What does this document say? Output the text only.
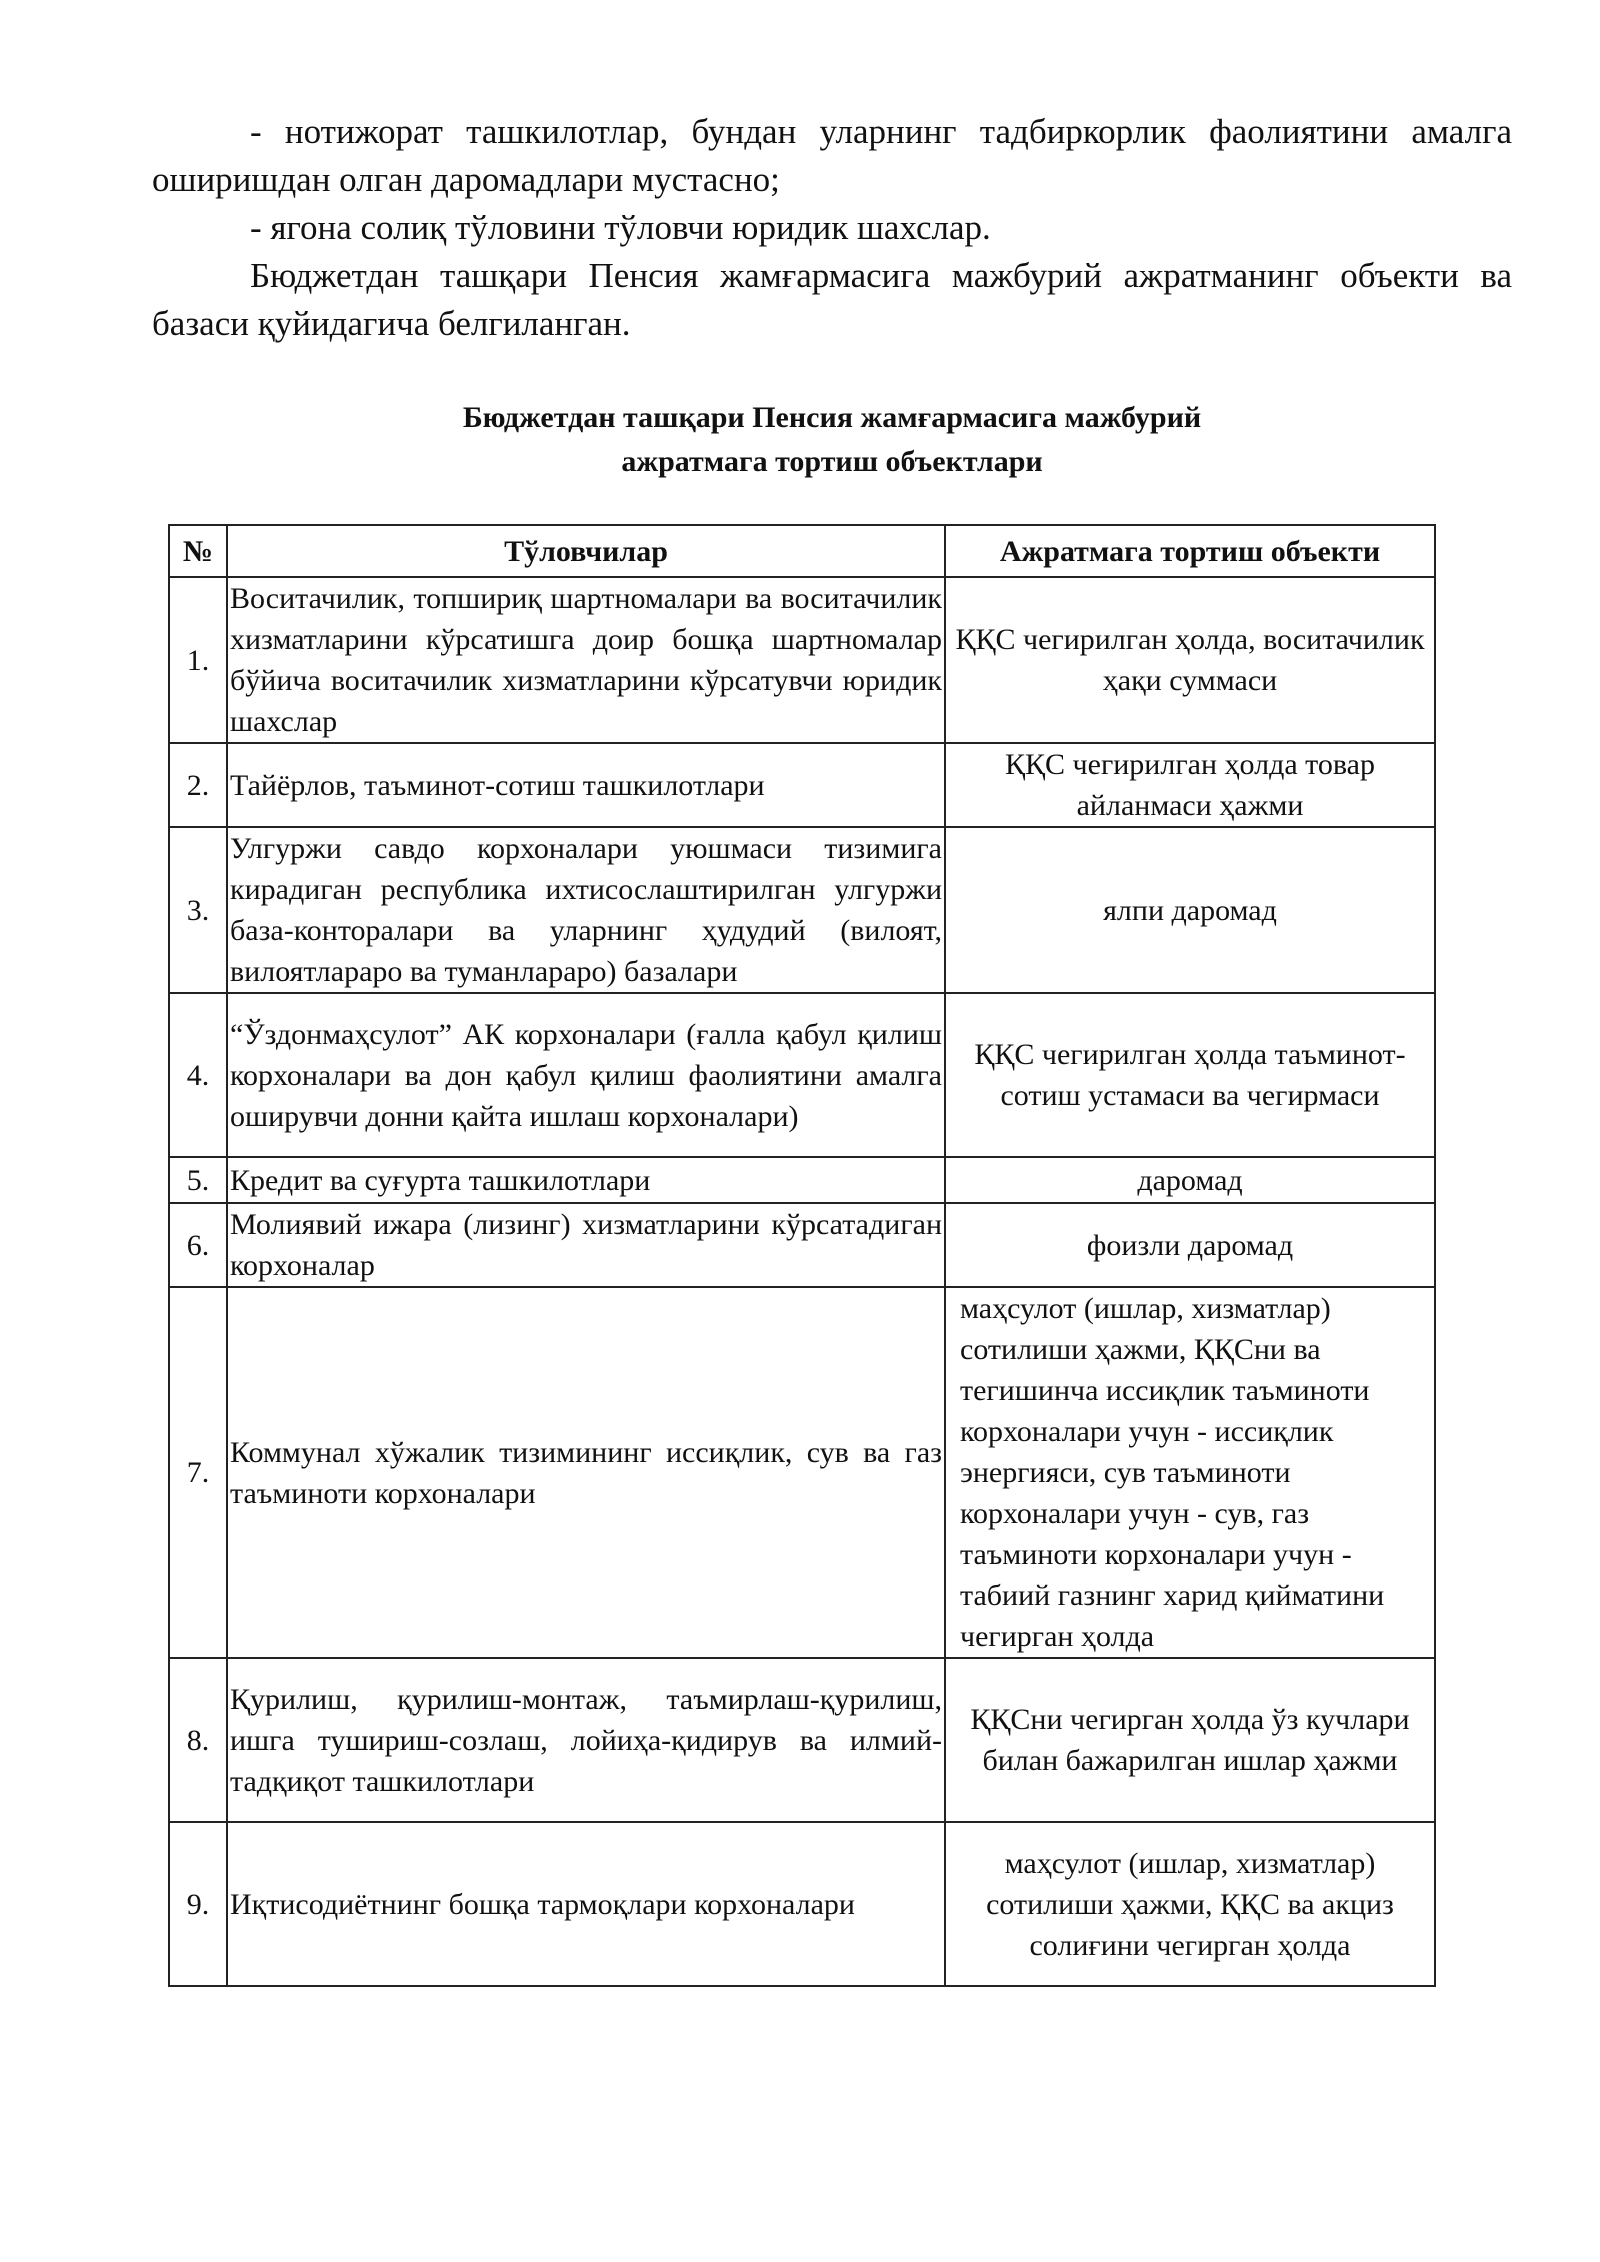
- нотижорат ташкилотлар, бундан уларнинг тадбиркорлик фаолиятини амалга оширишдан олган даромадлари мустасно;

- ягона солиқ тўловини тўловчи юридик шахслар.

Бюджетдан ташқари Пенсия жамғармасига мажбурий ажратманинг объекти ва базаси қуйидагича белгиланган.

Бюджетдан ташқари Пенсия жамғармасига мажбурий
ажратмага тортиш объектлари
№	Тўловчилар	Ажратмага тортиш объекти
1.	Воситачилик, топшириқ шартномалари ва воситачилик хизматларини кўрсатишга доир бошқа шартномалар бўйича воситачилик хизматларини кўрсатувчи юридик шахслар	ҚҚС чегирилган ҳолда, воситачилик ҳақи суммаси
2.	Тайёрлов, таъминот-сотиш ташкилотлари	ҚҚС чегирилган ҳолда товар айланмаси ҳажми
3.	Улгуржи савдо корхоналари уюшмаси тизимига кирадиган республика ихтисослаштирилган улгуржи база-конторалари ва уларнинг ҳудудий (вилоят, вилоятлараро ва туманлараро) базалари	ялпи даромад
4.	“Ўздонмаҳсулот” АК корхоналари (ғалла қабул қилиш корхоналари ва дон қабул қилиш фаолиятини амалга оширувчи донни қайта ишлаш корхоналари)	ҚҚС чегирилган ҳолда таъминот-сотиш устамаси ва чегирмаси
5.	Кредит ва суғурта ташкилотлари	даромад
6.	Молиявий ижара (лизинг) хизматларини кўрсатадиган корхоналар	фоизли даромад
7.	Коммунал хўжалик тизимининг иссиқлик, сув ва газ таъминоти корхоналари	маҳсулот (ишлар, хизматлар) сотилиши ҳажми, ҚҚСни ва тегишинча иссиқлик таъминоти корхоналари учун - иссиқлик энергияси, сув таъминоти корхоналари учун - сув, газ таъминоти корхоналари учун - табиий газнинг харид қийматини чегирган ҳолда
8.	Қурилиш, қурилиш-монтаж, таъмирлаш-қурилиш, ишга тушириш-созлаш, лойиҳа-қидирув ва илмий-тадқиқот ташкилотлари	ҚҚСни чегирган ҳолда ўз кучлари билан бажарилган ишлар ҳажми
9.	Иқтисодиётнинг бошқа тармоқлари корхоналари	маҳсулот (ишлар, хизматлар) сотилиши ҳажми, ҚҚС ва акциз солиғини чегирган ҳолда
